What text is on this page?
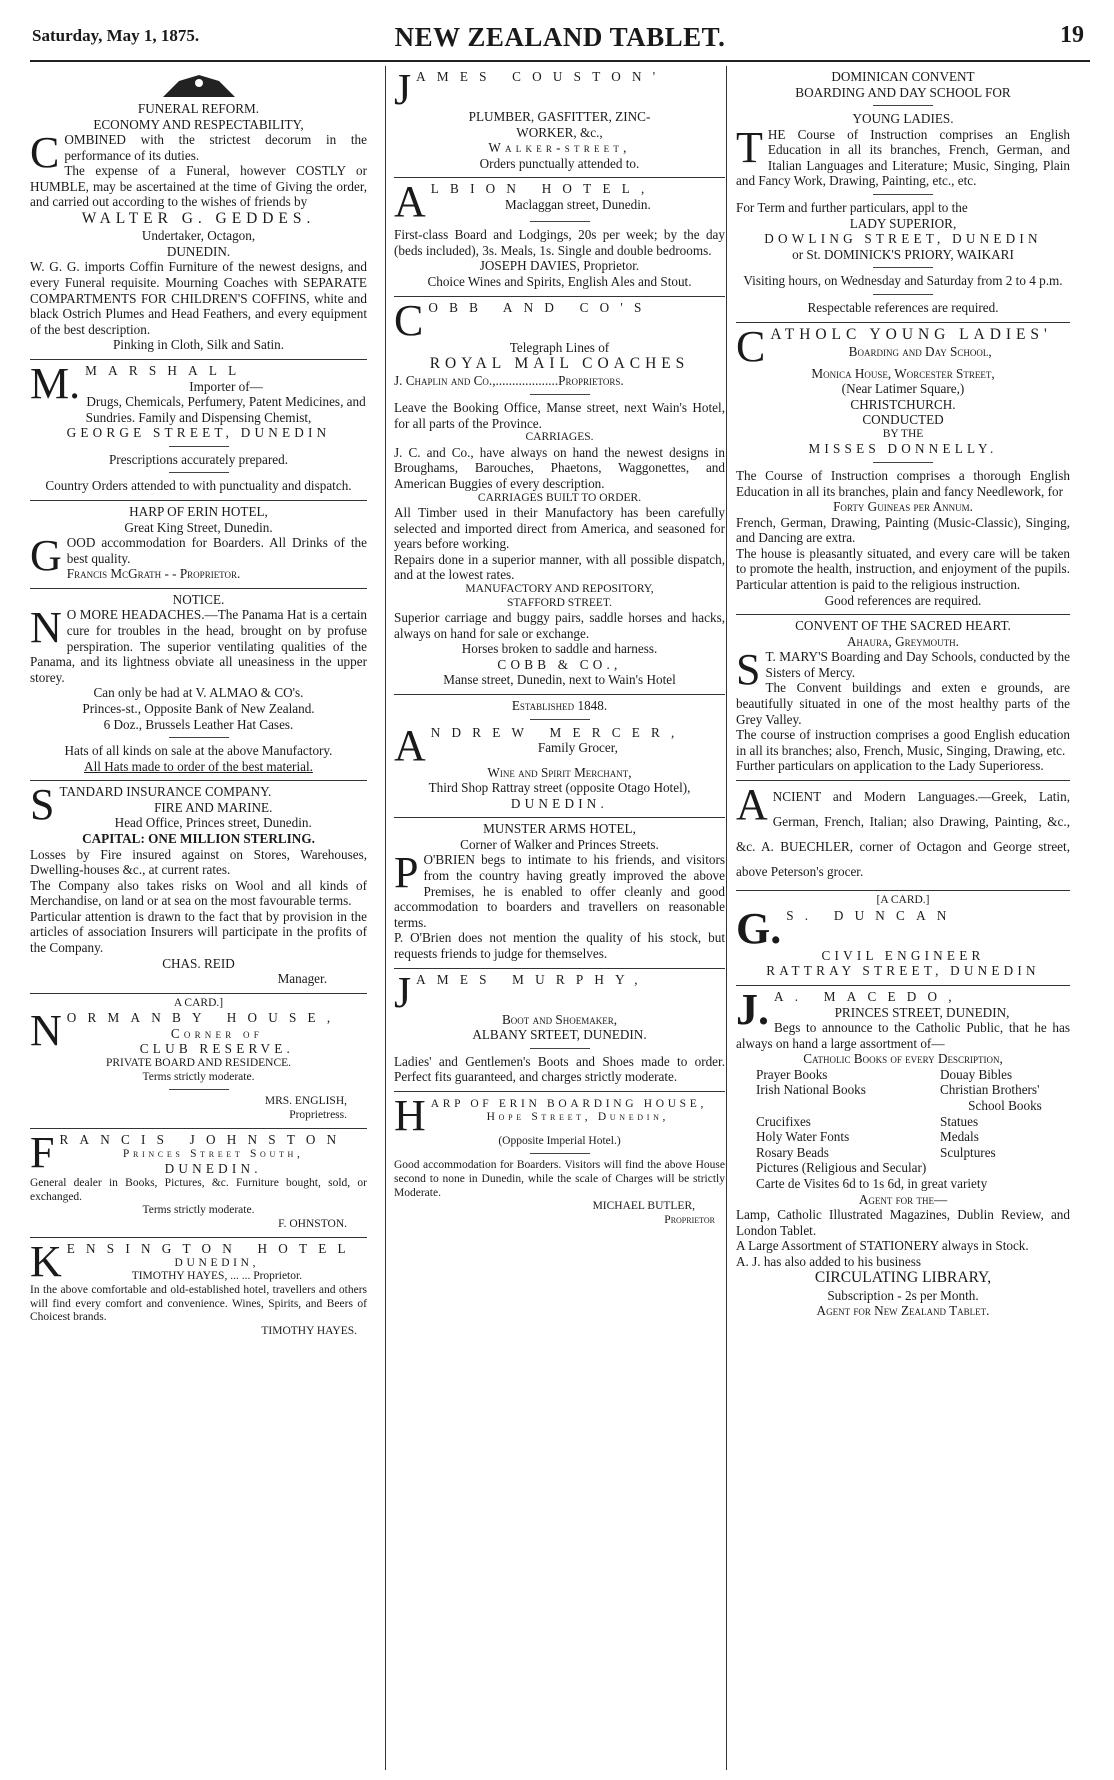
Saturday, May 1, 1875.	NEW ZEALAND TABLET.	19
FUNERAL REFORM.
ECONOMY AND RESPECTABILITY,

COMBINED with the strictest decorum in the performance of its duties.

The expense of a Funeral, however COSTLY or HUMBLE, may be ascertained at the time of Giving the order, and carried out according to the wishes of friends by

WALTER G. GEDDES.
Undertaker, Octagon,
DUNEDIN.

W. G. G. imports Coffin Furniture of the newest designs, and every Funeral requisite. Mourning Coaches with SEPARATE COMPARTMENTS FOR CHILDREN'S COFFINS, white and black Ostrich Plumes and Head Feathers, and every equipment of the best description.

Pinking in Cloth, Silk and Satin.
M. MARSHALL
Importer of—

Drugs, Chemicals, Perfumery, Patent Medicines, and Sundries. Family and Dispensing Chemist,

GEORGE STREET, DUNEDIN
Prescriptions accurately prepared.
Country Orders attended to with punctuality and dispatch.
HARP OF ERIN HOTEL,
Great King Street, Dunedin.

GOOD accommodation for Boarders. All Drinks of the best quality.

Francis McGrath - - Proprietor.
NOTICE.

N O MORE HEADACHES.—The Panama Hat is a certain cure for troubles in the head, brought on by profuse perspiration. The superior ventilating qualities of the Panama, and its lightness obviate all uneasiness in the upper storey.

Can only be had at V. ALMAO & CO's.
Princes-st., Opposite Bank of New Zealand.
6 Doz., Brussels Leather Hat Cases.

Hats of all kinds on sale at the above Manufactory.

All Hats made to order of the best material.
STANDARD INSURANCE COMPANY.
FIRE AND MARINE.
Head Office, Princes street, Dunedin.
CAPITAL: ONE MILLION STERLING.

Losses by Fire insured against on Stores, Warehouses, Dwelling-houses &c., at current rates.

The Company also takes risks on Wool and all kinds of Merchandise, on land or at sea on the most favourable terms.

Particular attention is drawn to the fact that by provision in the articles of association Insurers will participate in the profits of the Company.

CHAS. REID
Manager.
A CARD.]
NORMANBY HOUSE,
Corner of
CLUB RESERVE.
PRIVATE BOARD AND RESIDENCE.
Terms strictly moderate.
MRS. ENGLISH,
Proprietress.
FRANCIS JOHNSTON
Princes Street South,
DUNEDIN.

General dealer in Books, Pictures, &c. Furniture bought, sold, or exchanged.

Terms strictly moderate.
F. OHNSTON.
KENSINGTON HOTEL
DUNEDIN,
TIMOTHY HAYES, ... ... Proprietor.

In the above comfortable and old-established hotel, travellers and others will find every comfort and convenience. Wines, Spirits, and Beers of Choicest brands.

TIMOTHY HAYES.
JAMES COUSTON'
PLUMBER, GASFITTER, ZINC-
WORKER, &c.,
Walker-street,
Orders punctually attended to.
ALBION HOTEL,
Maclaggan street, Dunedin.

First-class Board and Lodgings, 20s per week; by the day (beds included), 3s. Meals, 1s. Single and double bedrooms.

JOSEPH DAVIES, Proprietor.
Choice Wines and Spirits, English Ales and Stout.
COBB AND CO'S
Telegraph Lines of
ROYAL MAIL COACHES
J. Chaplin and Co.,...................Proprietors.

Leave the Booking Office, Manse street, next Wain's Hotel, for all parts of the Province.

CARRIAGES.

J. C. and Co., have always on hand the newest designs in Broughams, Barouches, Phaetons, Waggonettes, and American Buggies of every description.

CARRIAGES BUILT TO ORDER.

All Timber used in their Manufactory has been carefully selected and imported direct from America, and seasoned for years before working.

Repairs done in a superior manner, with all possible dispatch, and at the lowest rates.

MANUFACTORY AND REPOSITORY,
STAFFORD STREET.

Superior carriage and buggy pairs, saddle horses and hacks, always on hand for sale or exchange.

Horses broken to saddle and harness.
COBB & CO.,
Manse street, Dunedin, next to Wain's Hotel
Established 1848.
ANDREW MERCER,
Family Grocer,
Wine and Spirit Merchant,
Third Shop Rattray street (opposite Otago Hotel),
DUNEDIN.
MUNSTER ARMS HOTEL,
Corner of Walker and Princes Streets.

P O'BRIEN begs to intimate to his friends, and visitors from the country having greatly improved the above Premises, he is enabled to offer cleanly and good accommodation to boarders and travellers on reasonable terms.

P. O'Brien does not mention the quality of his stock, but requests friends to judge for themselves.

JAMES MURPHY,
Boot and Shoemaker,
ALBANY SRTEET, DUNEDIN.

Ladies' and Gentlemen's Boots and Shoes made to order. Perfect fits guaranteed, and charges strictly moderate.

HARP OF ERIN BOARDING HOUSE,
Hope Street, Dunedin,
(Opposite Imperial Hotel.)

Good accommodation for Boarders. Visitors will find the above House second to none in Dunedin, while the scale of Charges will be strictly Moderate.

MICHAEL BUTLER,
Proprietor
DOMINICAN CONVENT
BOARDING AND DAY SCHOOL FOR
YOUNG LADIES.

THE Course of Instruction comprises an English Education in all its branches, French, German, and Italian Languages and Literature; Music, Singing, Plain and Fancy Work, Drawing, Painting, etc., etc.

For Term and further particulars, appl to the

LADY SUPERIOR,
DOWLING STREET, DUNEDIN
or St. DOMINICK'S PRIORY, WAIKARI

Visiting hours, on Wednesday and Saturday from 2 to 4 p.m.

Respectable references are required.
CATHOLC YOUNG LADIES'
Boarding and Day School,
Monica House, Worcester Street,
(Near Latimer Square,)
CHRISTCHURCH.
CONDUCTED
BY THE
MISSES DONNELLY.

The Course of Instruction comprises a thorough English Education in all its branches, plain and fancy Needlework, for

Forty Guineas per Annum.

French, German, Drawing, Painting (Music-Classic), Singing, and Dancing are extra.

The house is pleasantly situated, and every care will be taken to promote the health, instruction, and enjoyment of the pupils. Particular attention is paid to the religious instruction.

Good references are required.
CONVENT OF THE SACRED HEART.
Ahaura, Greymouth.

S T. MARY'S Boarding and Day Schools, conducted by the Sisters of Mercy.

The Convent buildings and exten e grounds, are beautifully situated in one of the most healthy parts of the Grey Valley.

The course of instruction comprises a good English education in all its branches; also, French, Music, Singing, Drawing, etc.

Further particulars on application to the Lady Superioress.

ANCIENT and Modern Languages.—Greek, Latin, German, French, Italian; also Drawing, Painting, &c., &c. A. BUECHLER, corner of Octagon and George street, above Peterson's grocer.

[A CARD.]
G. S. DUNCAN
CIVIL ENGINEER
RATTRAY STREET, DUNEDIN
J. A. MACEDO,
PRINCES STREET, DUNEDIN,

Begs to announce to the Catholic Public, that he has always on hand a large assortment of—

Catholic Books of every Description,
Prayer Books	Douay Bibles
Irish National Books	Christian Brothers'
School Books
Crucifixes	Statues
Holy Water Fonts	Medals
Rosary Beads	Sculptures
Pictures (Religious and Secular)
Carte de Visites 6d to 1s 6d, in great variety
Agent for the—

Lamp, Catholic Illustrated Magazines, Dublin Review, and London Tablet.

A Large Assortment of STATIONERY always in Stock.

A. J. has also added to his business

CIRCULATING LIBRARY,
Subscription - 2s per Month.
Agent for New Zealand Tablet.
